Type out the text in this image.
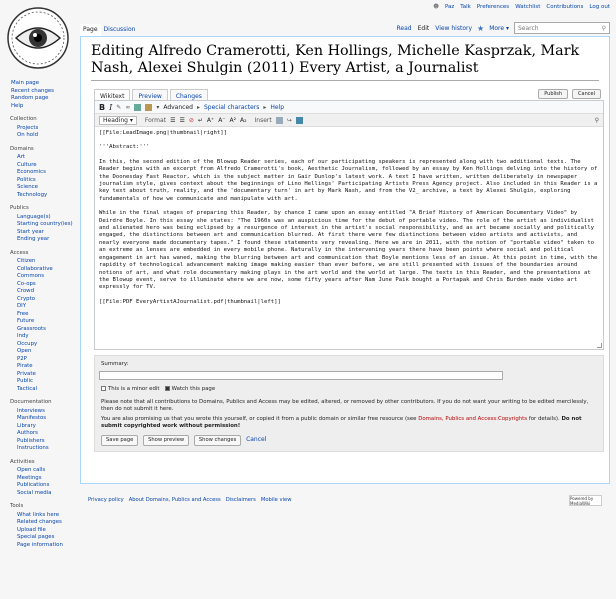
☻ Paz Talk Preferences Watchlist Contributions Log out
Main page
Recent changes
Random page
Help
Collection
Projects
On hold
Domains
Art
Culture
Economics
Politics
Science
Technology
Publics
Language(s)
Starting country(ies)
Start year
Ending year
Access
Citizen
Collaborative
Commons
Co-ops
Crowd
Crypto
DIY
Free
Future
Grassroots
Indy
Occupy
Open
P2P
Pirate
Private
Public
Tactical
Documentation
Interviews
Manifestos
Library
Authors
Publishers
Instructions
Activities
Open calls
Meetings
Publications
Social media
Tools
What links here
Related changes
Upload file
Special pages
Page information
Page	Discussion	Read Edit View history ★ More ▾ Search	⚲
Editing Alfredo Cramerotti, Ken Hollings, Michelle Kasprzak, Mark Nash, Alexei Shulgin (2011) Every Artist, a Journalist
Wikitext	Preview	Changes	Publish	Cancel
B I ✎ ∞	▾ Advanced ▸ Special characters ▸ Help
Heading ▾	Format ☰ ☰ ⊘ ↵ A⁺ A⁻ A² A₂ Insert	↪	⚲

[[File:LeadImage.png|thumbnail|right]]

'''Abstract:'''

In this, the second edition of the Blowup Reader series, each of our participating speakers is represented along with two additional texts. The Reader begins with an excerpt from Alfredo Cramerotti's book, Aesthetic Journalism, followed by an essay by Ken Hollings delving into the history of the Doonesday Fast Reactor, which is the subject matter in Gair Dunlop's latest work. A text I have written, written deliberately in newspaper journalism style, gives context about the beginnings of Lino Hellings' Participating Artists Press Agency project. Also included in this Reader is a key text about truth, reality, and the 'documentary turn' in art by Mark Nash, and from the V2_ archive, a text by Alexei Shulgin, exploring fundamentals of how we communicate and manipulate with art.

While in the final stages of preparing this Reader, by chance I came upon an essay entitled "A Brief History of American Documentary Video" by Deirdre Boyle. In this essay she states: "The 1960s was an auspicious time for the debut of portable video. The role of the artist as individualist and alienated hero was being eclipsed by a resurgence of interest in the artist's social responsibility, and as art became socially and politically engaged, the distinctions between art and communication blurred. At first there were few distinctions between video artists and activists, and nearly everyone made documentary tapes." I found these statements very revealing. Here we are in 2011, with the notion of "portable video" taken to an extreme as lenses are embedded in every mobile phone. Naturally in the intervening years there have been points where social and political engagement in art has waned, making the blurring between art and communication that Boyle mentions less of an issue. At this point in time, with the rapidity of technological advancement making image making easier than ever before, we are still presented with issues of the boundaries around notions of art, and what role documentary making plays in the art world and the world at large. The texts in this Reader, and the presentations at the Blowup event, serve to illuminate where we are now, some fifty years after Nam June Paik bought a Portapak and Chris Burden made video art expressly for TV.

[[File:PDF EveryArtistAJournalist.pdf|thumbnail|left]]

Summary:
This is a minor edit Watch this page
Please note that all contributions to Domains, Publics and Access may be edited, altered, or removed by other contributors. If you do not want your writing to be edited mercilessly, then do not submit it here.
You are also promising us that you wrote this yourself, or copied it from a public domain or similar free resource (see Domains, Publics and Access:Copyrights for details). Do not submit copyrighted work without permission!
Save page	Show preview	Show changes Cancel
Privacy policy About Domains, Publics and Access Disclaimers Mobile view	Powered by MediaWiki
